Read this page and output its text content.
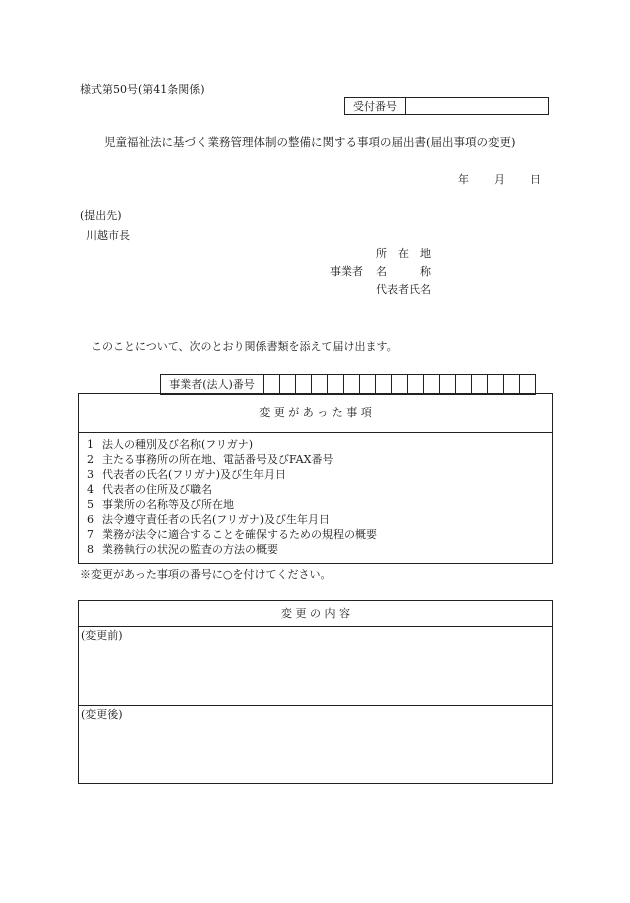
様式第50号(第41条関係)
受付番号	
児童福祉法に基づく業務管理体制の整備に関する事項の届出書(届出事項の変更)
年 月 日
(提出先)
川越市長
所　在　地
事業者 名　　　称
代表者氏名
このことについて、次のとおり関係書類を添えて届け出ます。
事業者(法人)番号																	
変 更 が あ っ た 事 項
1 法人の種別及び名称(フリガナ)
2 主たる事務所の所在地、電話番号及びFAX番号
3 代表者の氏名(フリガナ)及び生年月日
4 代表者の住所及び職名
5 事業所の名称等及び所在地
6 法令遵守責任者の氏名(フリガナ)及び生年月日
7 業務が法令に適合することを確保するための規程の概要
8 業務執行の状況の監査の方法の概要
※変更があった事項の番号に○を付けてください。
変 更 の 内 容
(変更前)
(変更後)
